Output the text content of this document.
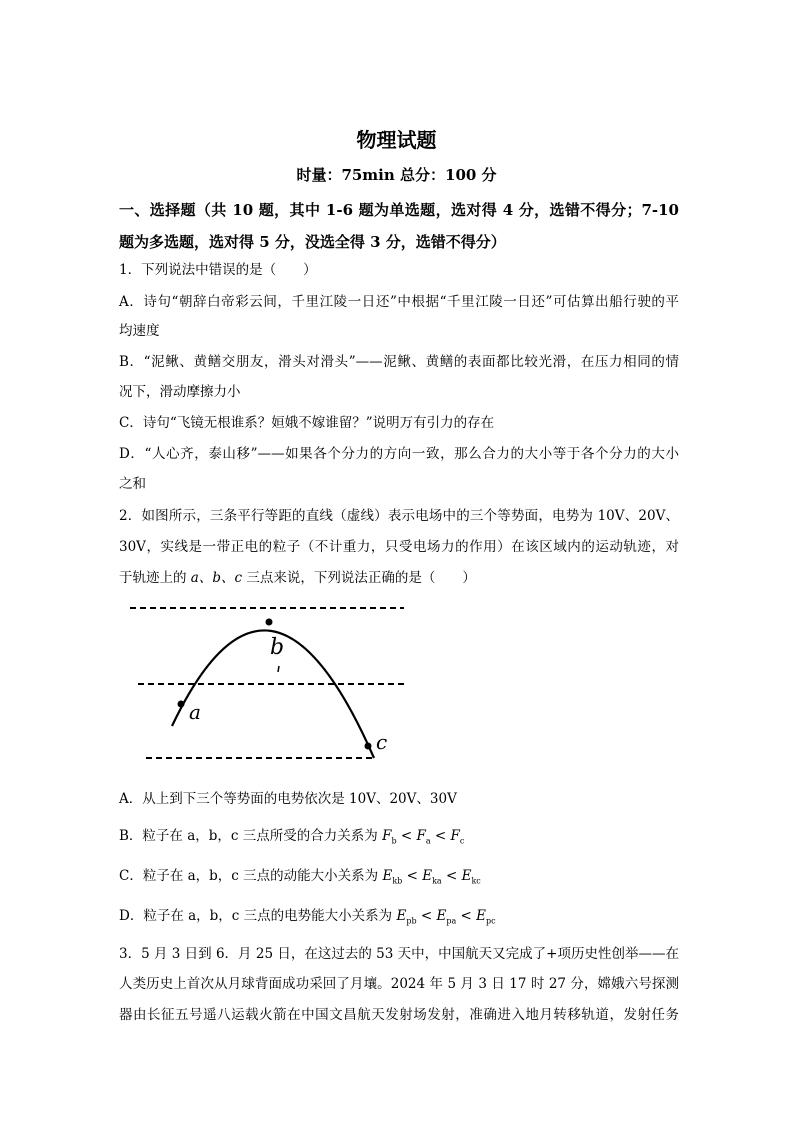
物理试题
时量：75min 总分：100 分
一、选择题（共 10 题，其中 1-6 题为单选题，选对得 4 分，选错不得分；7-10
题为多选题，选对得 5 分，没选全得 3 分，选错不得分）
1．下列说法中错误的是（　　）
A．诗句“朝辞白帝彩云间，千里江陵一日还”中根据“千里江陵一日还”可估算出船行驶的平
均速度
B．“泥鳅、黄鳝交朋友，滑头对滑头”——泥鳅、黄鳝的表面都比较光滑，在压力相同的情
况下，滑动摩擦力小
C．诗句“飞镜无根谁系？姮娥不嫁谁留？”说明万有引力的存在
D．“人心齐，泰山移”——如果各个分力的方向一致，那么合力的大小等于各个分力的大小
之和
2．如图所示，三条平行等距的直线（虚线）表示电场中的三个等势面，电势为 10V、20V、
30V，实线是一带正电的粒子（不计重力，只受电场力的作用）在该区域内的运动轨迹，对
于轨迹上的 a、b、c 三点来说，下列说法正确的是（　　）
a
b
c
A．从上到下三个等势面的电势依次是 10V、20V、30V
B．粒子在 a，b，c 三点所受的合力关系为 $F_b < F_a < F_c$
C．粒子在 a，b，c 三点的动能大小关系为 $E_{kb} < E_{ka} < E_{kc}$
D．粒子在 a，b，c 三点的电势能大小关系为 $E_{pb} < E_{pa} < E_{pc}$
3．5 月 3 日到 6．月 25 日，在这过去的 53 天中，中国航天又完成了+项历史性创举——在
人类历史上首次从月球背面成功采回了月壤。2024 年 5 月 3 日 17 时 27 分，嫦娥六号探测
器由长征五号遥八运载火箭在中国文昌航天发射场发射，准确进入地月转移轨道，发射任务
